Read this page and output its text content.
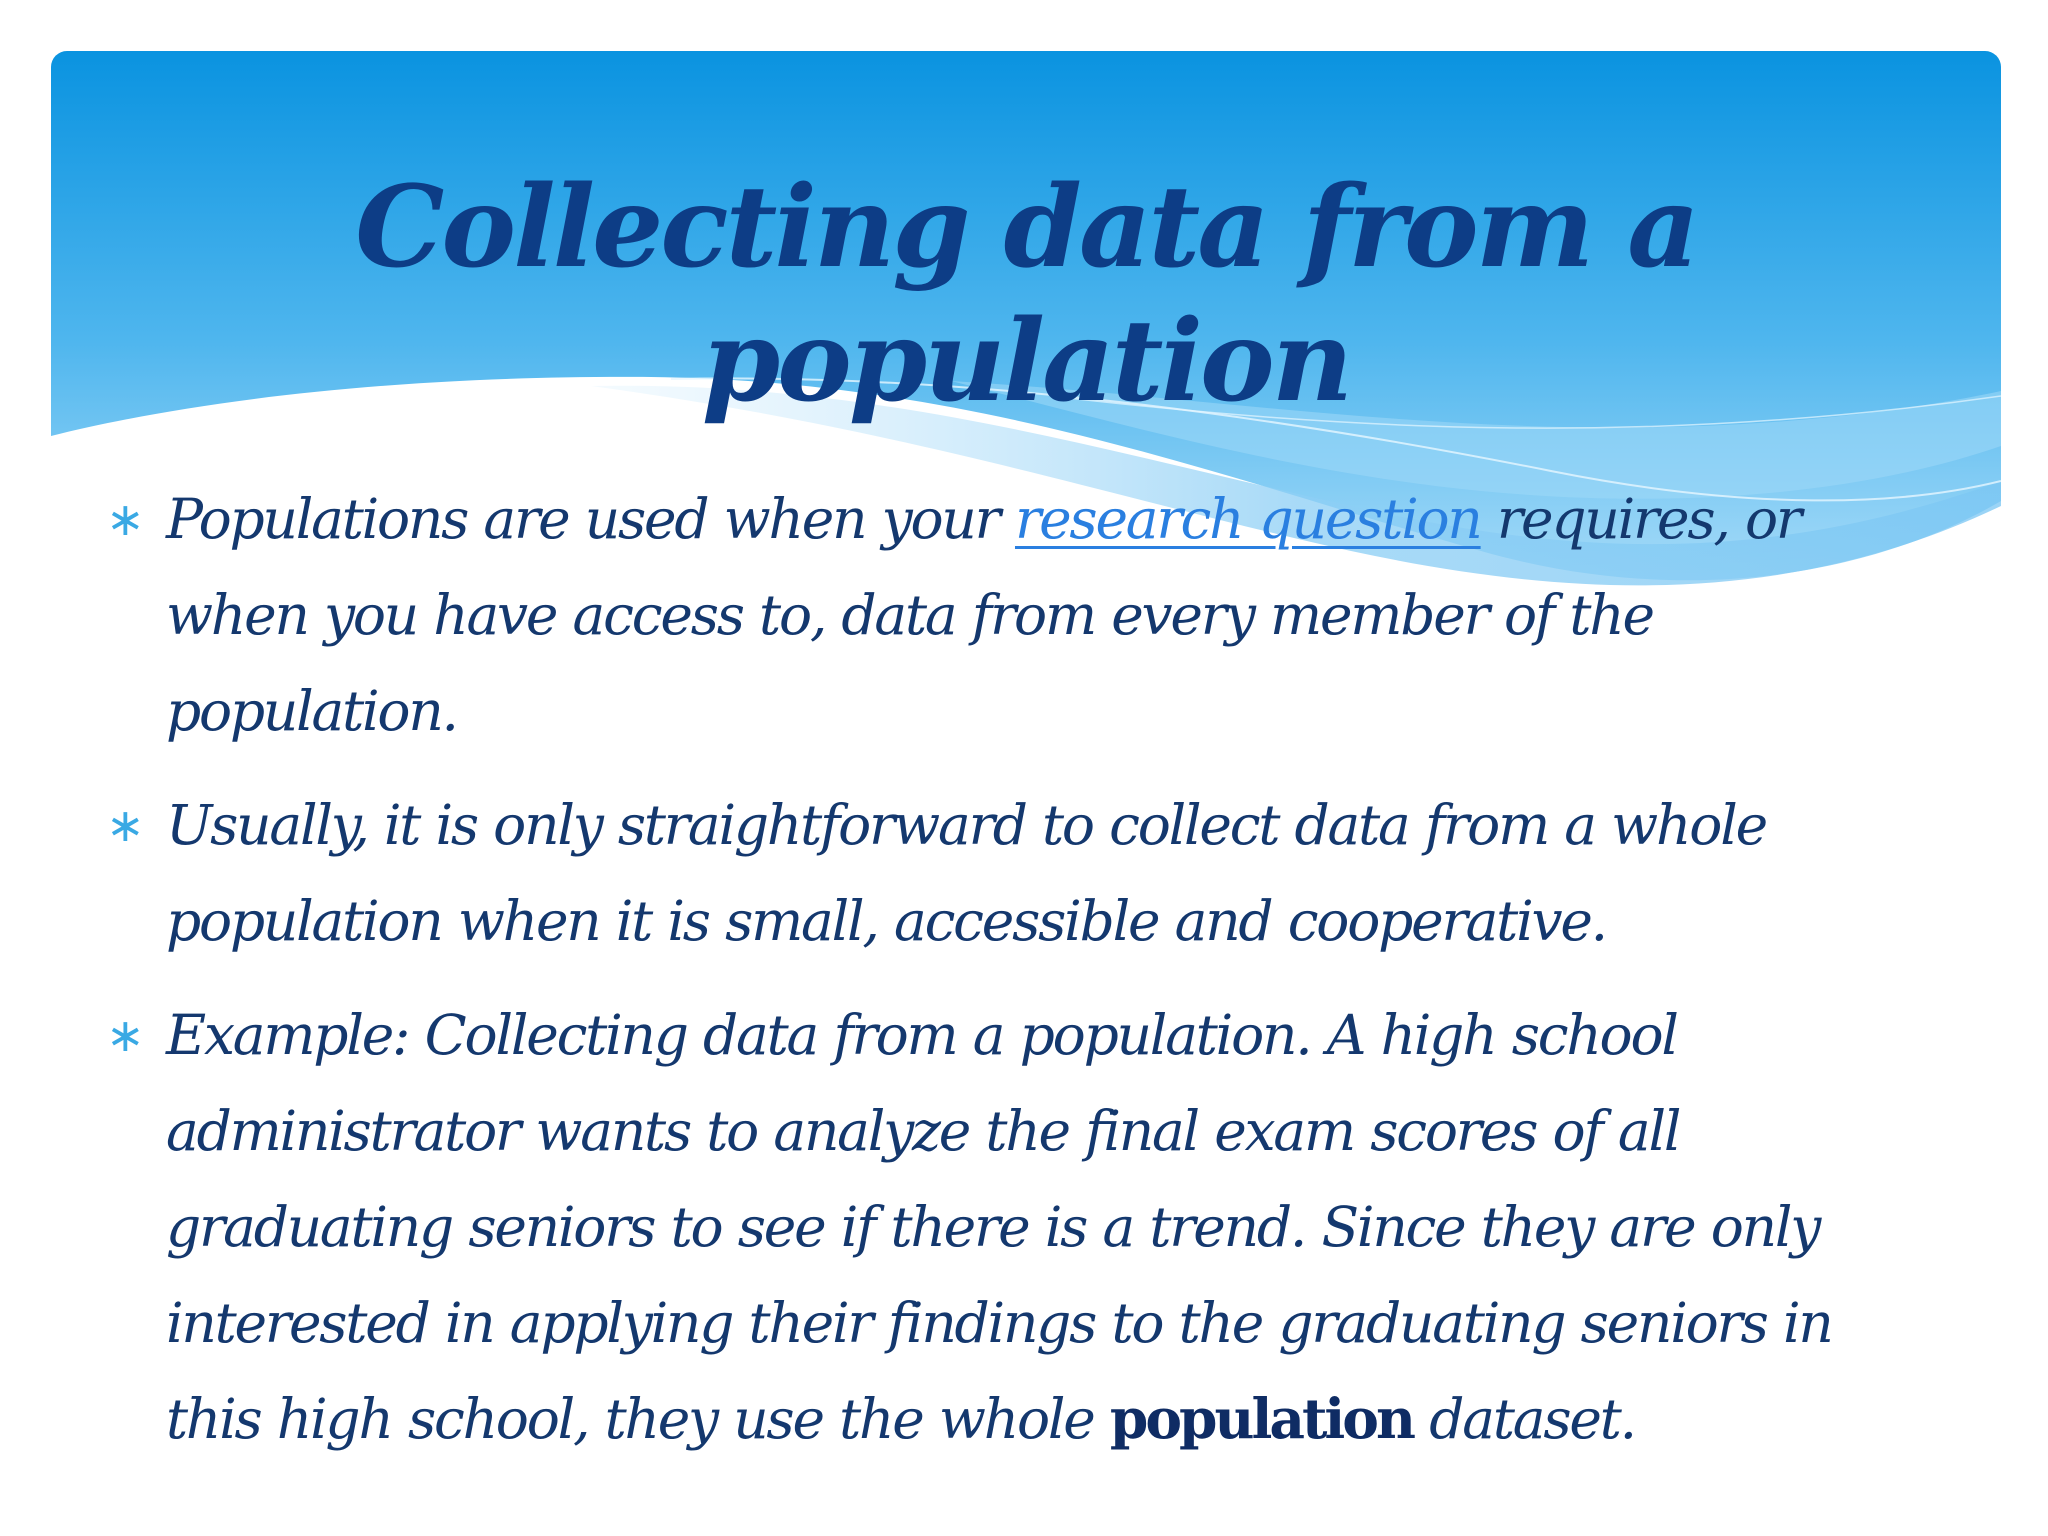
Collecting data from a population
∗ Populations are used when your research question requires, or when you have access to, data from every member of the population.
∗ Usually, it is only straightforward to collect data from a whole population when it is small, accessible and cooperative.
∗ Example: Collecting data from a population. A high school administrator wants to analyze the final exam scores of all graduating seniors to see if there is a trend. Since they are only interested in applying their findings to the graduating seniors in this high school, they use the whole population dataset.
